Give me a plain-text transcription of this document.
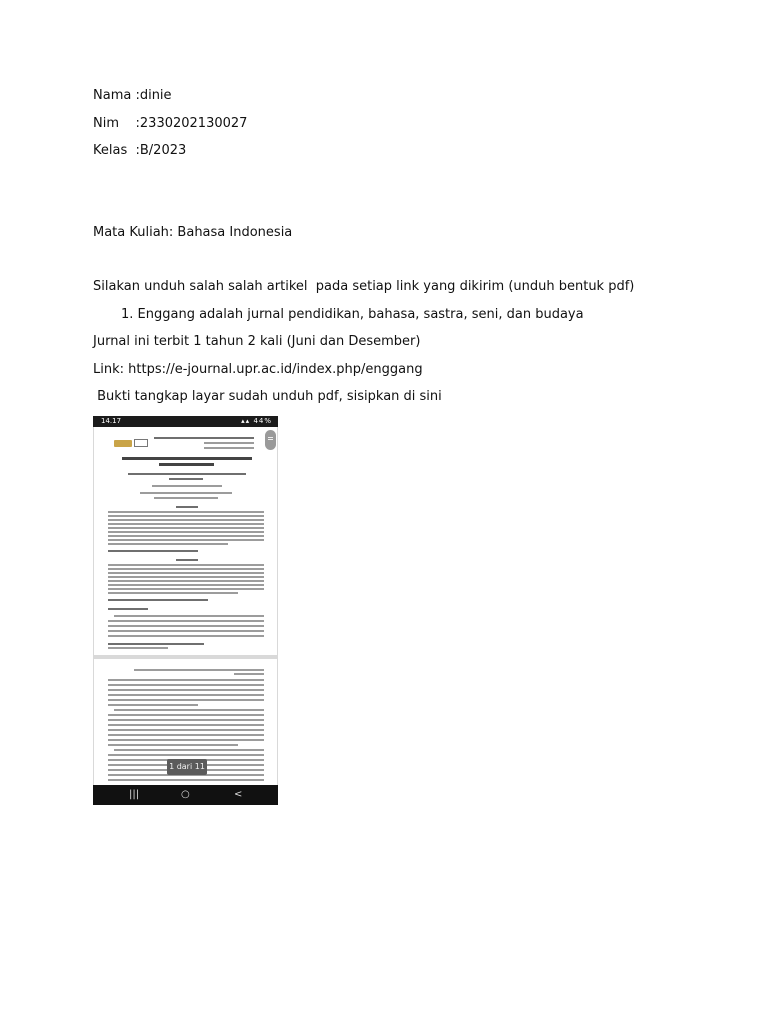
Nama :dinie
Nim    :2330202130027
Kelas  :B/2023
Mata Kuliah: Bahasa Indonesia
Silakan unduh salah salah artikel  pada setiap link yang dikirim (unduh bentuk pdf)
1. Enggang adalah jurnal pendidikan, bahasa, sastra, seni, dan budaya
Jurnal ini terbit 1 tahun 2 kali (Juni dan Desember)
Link: https://e-journal.upr.ac.id/index.php/enggang
Bukti tangkap layar sudah unduh pdf, sisipkan di sini
14.17	▴▴ 44%
1 dari 11
|||	○	<
